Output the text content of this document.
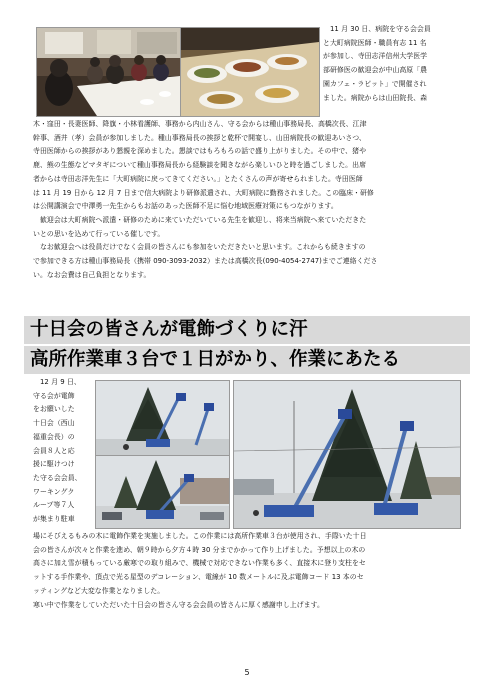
11 月 30 日、病院を守る会会員
と大町病院医師・職員有志 11 名
が参加し、寺田志洋信州大学医学
部研修医の歓迎会が中山高原「農
園カフェ・ラビット」で開催され
ました。病院からは山田院長、森
木・窪田・長妻医師、降旗・小林看護師、事務から内山さん、守る会からは種山事務局長、高橋次長、江津
幹事、酒井（孝）会員が参加しました。種山事務局長の挨拶と乾杯で開宴し、山田病院長の歓迎あいさつ、
寺田医師からの挨拶があり懇親を深めました。懇談ではもろもろの話で盛り上がりました。その中で、猪や
鹿、熊の生態などマタギについて種山事務局長から経験談を聞きながら楽しいひと時を過ごしました。出席
者からは寺田志洋先生に「大町病院に戻ってきてください。」とたくさんの声が寄せられました。寺田医師
は 11 月 19 日から 12 月 7 日まで信大病院より研修派遣され、大町病院に勤務されました。この臨床・研修
は公開講演会で中澤勇一先生からもお話のあった医師不足に悩む地域医療対策にもつながります。
　歓迎会は大町病院へ派遣・研修のために来ていただいている先生を歓迎し、将来当病院へ来ていただきた
いとの思いを込めて行っている催しです。
　なお歓迎会へは役員だけでなく会員の皆さんにも参加をいただきたいと思います。これからも続きますの
で参加できる方は種山事務局長（携帯 090-3093-2032）または高橋次長(090-4054-2747)までご連絡くださ
い。なお会費は自己負担となります。
十日会の皆さんが電飾づくりに汗
高所作業車３台で１日がかり、作業にあたる
12 月 9 日、
守る会が電飾
をお願いした
十日会（西山
福重会長）の
会員８人と応
援に駆けつけ
た守る会会員、
ワーキングク
ループ等７人
が集まり駐車
場にそびえるもみの木に電飾作業を実施しました。この作業には高所作業車３台が使用され、手際いた十日
会の皆さんが次々と作業を進め、朝９時から夕方４時 30 分までかかって作り上げました。予想以上の木の
高さに加え雪が積もっている厳寒での取り組みで、機械で対応できない作業も多く、直接木に登り支柱をセ
ットする手作業や、頂点で光る星型のデコレーション、電線が 10 数メートルに及ぶ電飾コード 13 本のセ
ッティングなど大変な作業となりました。
寒い中で作業をしていただいた十日会の皆さん守る会会員の皆さんに厚く感謝申し上げます。
5
